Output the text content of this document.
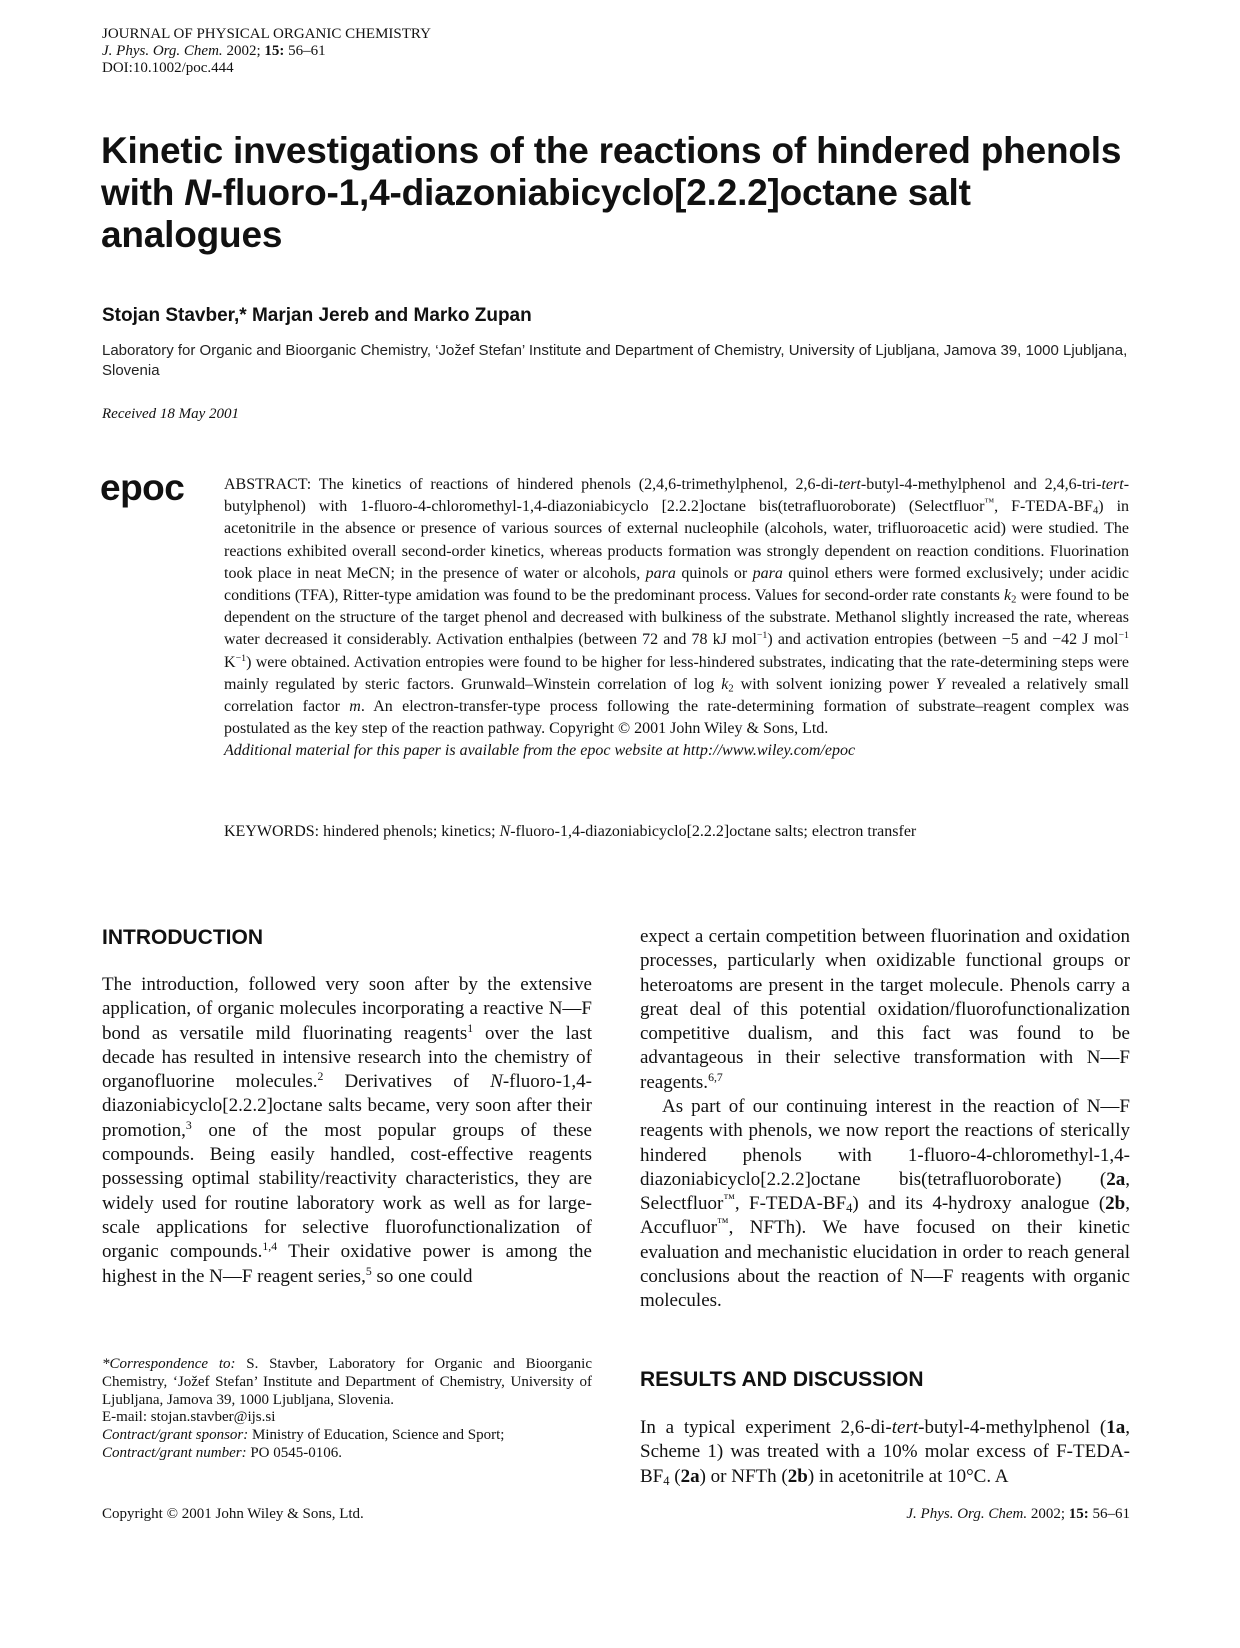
JOURNAL OF PHYSICAL ORGANIC CHEMISTRY
J. Phys. Org. Chem. 2002; 15: 56–61
DOI:10.1002/poc.444
Kinetic investigations of the reactions of hindered phenols with N-fluoro-1,4-diazoniabicyclo[2.2.2]octane salt analogues
Stojan Stavber,* Marjan Jereb and Marko Zupan
Laboratory for Organic and Bioorganic Chemistry, ‘Jožef Stefan’ Institute and Department of Chemistry, University of Ljubljana, Jamova 39, 1000 Ljubljana, Slovenia
Received 18 May 2001
epoc ABSTRACT: The kinetics of reactions of hindered phenols (2,4,6-trimethylphenol, 2,6-di-tert-butyl-4-methylphenol and 2,4,6-tri-tert-butylphenol) with 1-fluoro-4-chloromethyl-1,4-diazoniabicyclo [2.2.2]octane bis(tetrafluoroborate) (Selectfluor™, $F-TEDA-BF_4$) in acetonitrile in the absence or presence of various sources of external nucleophile (alcohols, water, trifluoroacetic acid) were studied. The reactions exhibited overall second-order kinetics, whereas products formation was strongly dependent on reaction conditions. Fluorination took place in neat MeCN; in the presence of water or alcohols, para quinols or para quinol ethers were formed exclusively; under acidic conditions (TFA), Ritter-type amidation was found to be the predominant process. Values for second-order rate constants $k_2$ were found to be dependent on the structure of the target phenol and decreased with bulkiness of the substrate. Methanol slightly increased the rate, whereas water decreased it considerably. Activation enthalpies (between 72 and 78 kJ mol$^{-1}$) and activation entropies (between −5 and −42 J mol$^{-1}$ $K^{-1}$) were obtained. Activation entropies were found to be higher for less-hindered substrates, indicating that the rate-determining steps were mainly regulated by steric factors. Grunwald–Winstein correlation of $\log k_2$ with solvent ionizing power Y revealed a relatively small correlation factor m. An electron-transfer-type process following the rate-determining formation of substrate–reagent complex was postulated as the key step of the reaction pathway. Copyright © 2001 John Wiley & Sons, Ltd.
Additional material for this paper is available from the epoc website at http://www.wiley.com/epoc
KEYWORDS: hindered phenols; kinetics; N-fluoro-1,4-diazoniabicyclo[2.2.2]octane salts; electron transfer
INTRODUCTION
The introduction, followed very soon after by the extensive application, of organic molecules incorporating a reactive N—F bond as versatile mild fluorinating reagents$^1$ over the last decade has resulted in intensive research into the chemistry of organofluorine molecules.$^2$ Derivatives of N-fluoro-1,4-diazoniabicyclo[2.2.2]octane salts became, very soon after their promotion,$^3$ one of the most popular groups of these compounds. Being easily handled, cost-effective reagents possessing optimal stability/reactivity characteristics, they are widely used for routine laboratory work as well as for large-scale applications for selective fluorofunctionalization of organic compounds.$^{1,4}$ Their oxidative power is among the highest in the N—F reagent series,$^5$ so one could
expect a certain competition between fluorination and oxidation processes, particularly when oxidizable functional groups or heteroatoms are present in the target molecule. Phenols carry a great deal of this potential oxidation/fluorofunctionalization competitive dualism, and this fact was found to be advantageous in their selective transformation with N—F reagents.$^{6,7}$
As part of our continuing interest in the reaction of N—F reagents with phenols, we now report the reactions of sterically hindered phenols with 1-fluoro-4-chloromethyl-1,4-diazoniabicyclo[2.2.2]octane bis(tetrafluoroborate) (2a, Selectfluor™, $F-TEDA-BF_4$) and its 4-hydroxy analogue (2b, Accufluor™, NFTh). We have focused on their kinetic evaluation and mechanistic elucidation in order to reach general conclusions about the reaction of N—F reagents with organic molecules.
RESULTS AND DISCUSSION
In a typical experiment 2,6-di-tert-butyl-4-methylphenol (1a, Scheme 1) was treated with a 10% molar excess of $F-TEDA-BF_4$ (2a) or NFTh (2b) in acetonitrile at 10°C. A
*Correspondence to: S. Stavber, Laboratory for Organic and Bioorganic Chemistry, ‘Jožef Stefan’ Institute and Department of Chemistry, University of Ljubljana, Jamova 39, 1000 Ljubljana, Slovenia.
E-mail: stojan.stavber@ijs.si
Contract/grant sponsor: Ministry of Education, Science and Sport;
Contract/grant number: PO 0545-0106.
Copyright © 2001 John Wiley & Sons, Ltd.	J. Phys. Org. Chem. 2002; 15: 56–61
